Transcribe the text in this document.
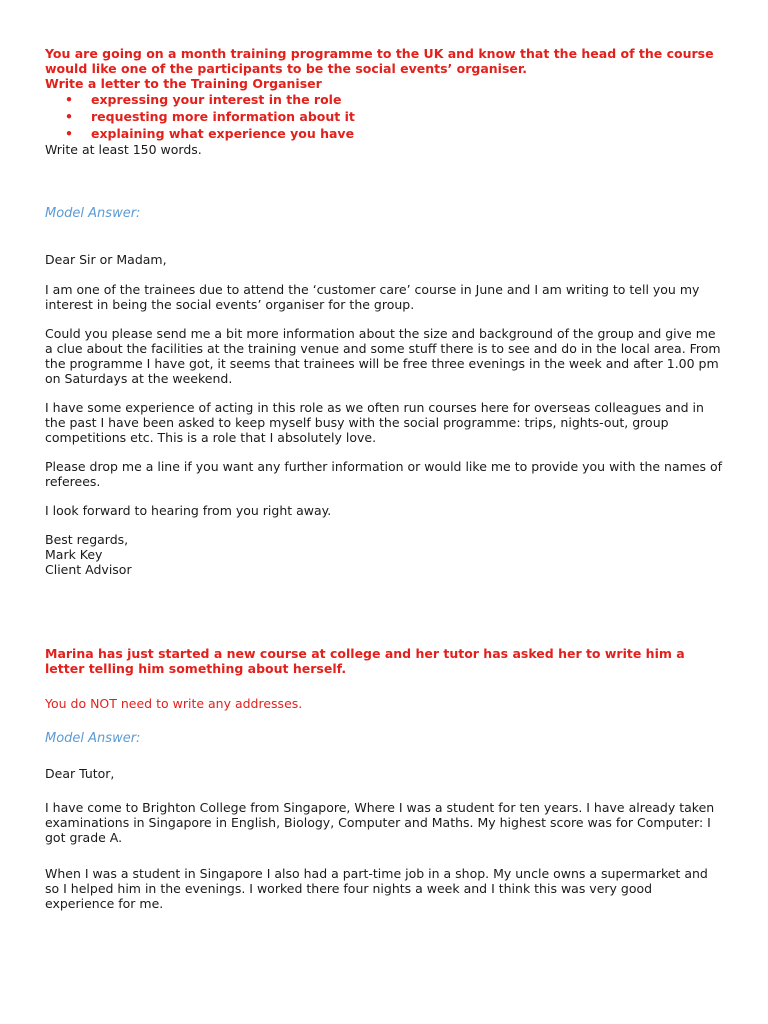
You are going on a month training programme to the UK and know that the head of the course would like one of the participants to be the social events’ organiser.

Write a letter to the Training Organiser

• expressing your interest in the role
• requesting more information about it
• explaining what experience you have

Write at least 150 words.

Model Answer:

Dear Sir or Madam,

I am one of the trainees due to attend the ‘customer care’ course in June and I am writing to tell you my interest in being the social events’ organiser for the group.

Could you please send me a bit more information about the size and background of the group and give me a clue about the facilities at the training venue and some stuff there is to see and do in the local area. From the programme I have got, it seems that trainees will be free three evenings in the week and after 1.00 pm on Saturdays at the weekend.

I have some experience of acting in this role as we often run courses here for overseas colleagues and in the past I have been asked to keep myself busy with the social programme: trips, nights-out, group competitions etc. This is a role that I absolutely love.

Please drop me a line if you want any further information or would like me to provide you with the names of referees.

I look forward to hearing from you right away.

Best regards,

Mark Key

Client Advisor

Marina has just started a new course at college and her tutor has asked her to write him a letter telling him something about herself.

You do NOT need to write any addresses.

Model Answer:

Dear Tutor,

I have come to Brighton College from Singapore, Where I was a student for ten years. I have already taken examinations in Singapore in English, Biology, Computer and Maths. My highest score was for Computer: I got grade A.

When I was a student in Singapore I also had a part-time job in a shop. My uncle owns a supermarket and so I helped him in the evenings. I worked there four nights a week and I think this was very good experience for me.
